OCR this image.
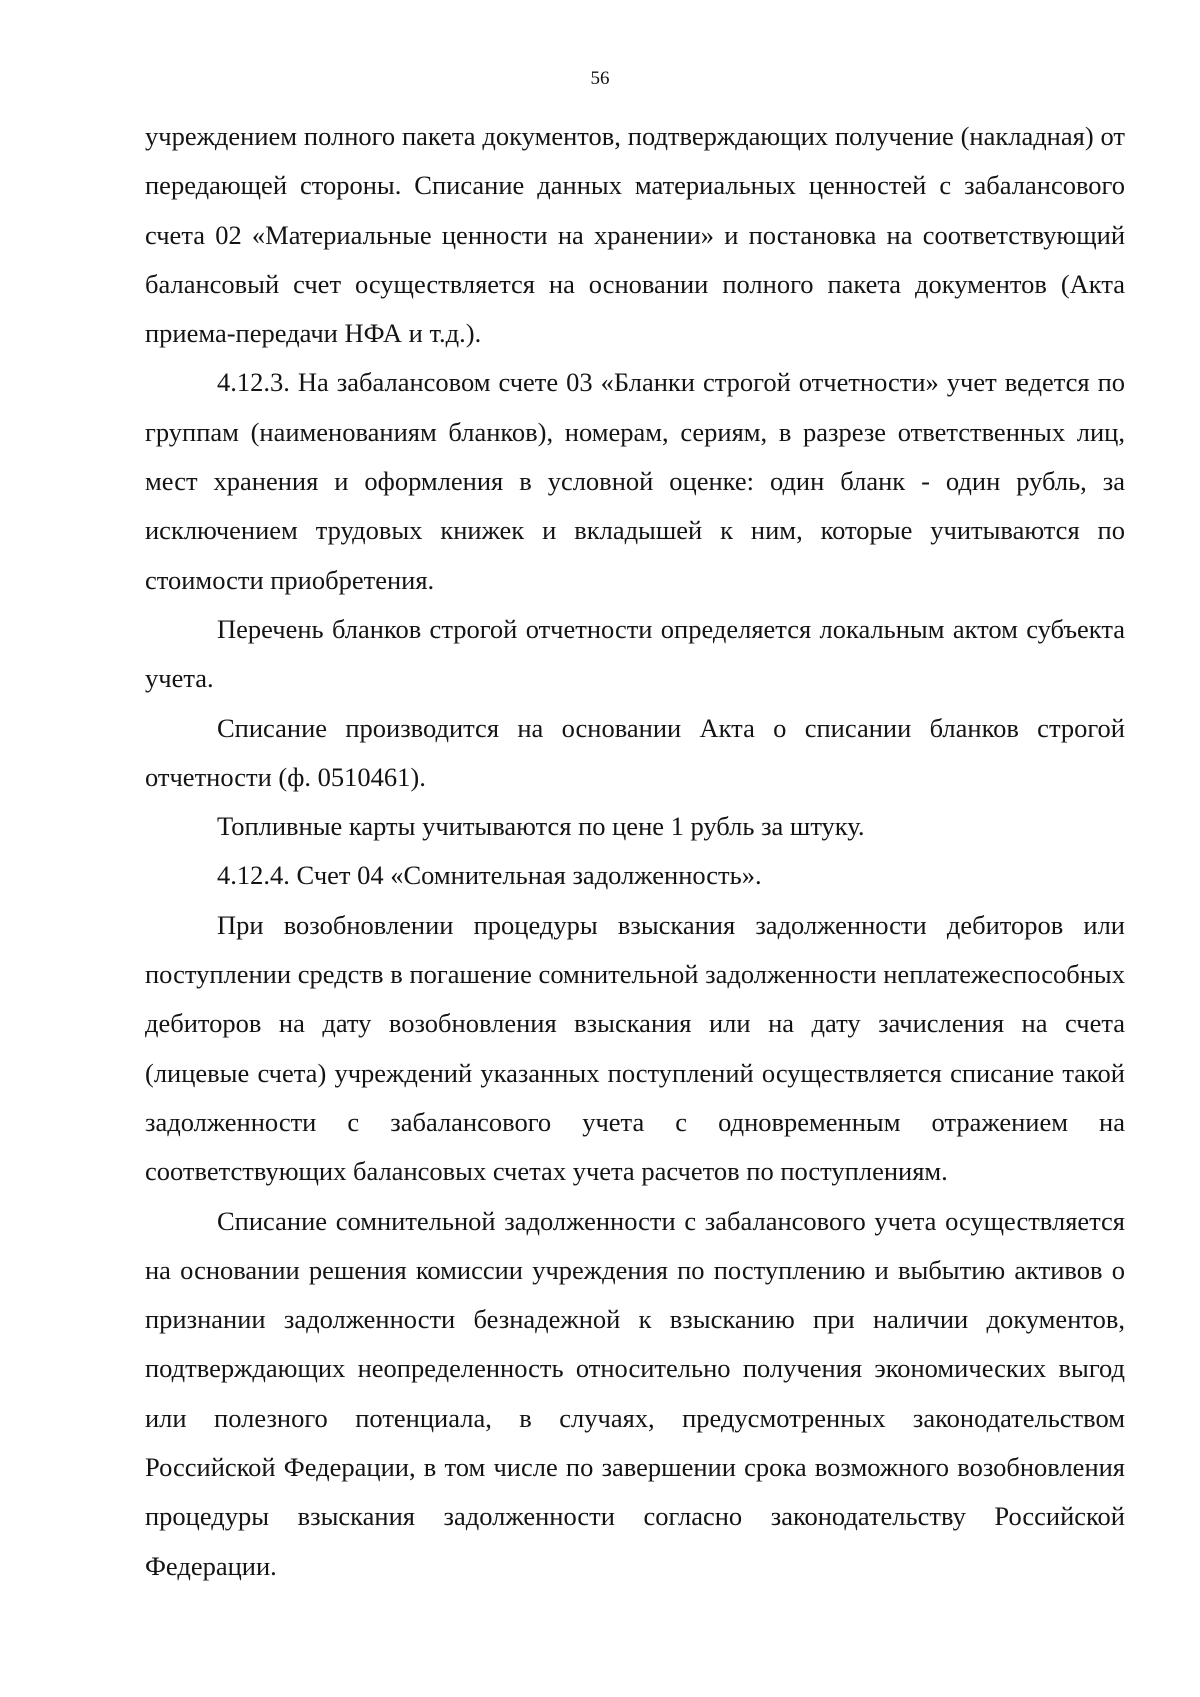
56

учреждением полного пакета документов, подтверждающих получение (накладная) от передающей стороны. Списание данных материальных ценностей с забалансового счета 02 «Материальные ценности на хранении» и постановка на соответствующий балансовый счет осуществляется на основании полного пакета документов (Акта приема-передачи НФА и т.д.).

4.12.3. На забалансовом счете 03 «Бланки строгой отчетности» учет ведется по группам (наименованиям бланков), номерам, сериям, в разрезе ответственных лиц, мест хранения и оформления в условной оценке: один бланк - один рубль, за исключением трудовых книжек и вкладышей к ним, которые учитываются по стоимости приобретения.

Перечень бланков строгой отчетности определяется локальным актом субъекта учета.

Списание производится на основании Акта о списании бланков строгой отчетности (ф. 0510461).

Топливные карты учитываются по цене 1 рубль за штуку.

4.12.4. Счет 04 «Сомнительная задолженность».

При возобновлении процедуры взыскания задолженности дебиторов или поступлении средств в погашение сомнительной задолженности неплатежеспособных дебиторов на дату возобновления взыскания или на дату зачисления на счета (лицевые счета) учреждений указанных поступлений осуществляется списание такой задолженности с забалансового учета с одновременным отражением на соответствующих балансовых счетах учета расчетов по поступлениям.

Списание сомнительной задолженности с забалансового учета осуществляется на основании решения комиссии учреждения по поступлению и выбытию активов о признании задолженности безнадежной к взысканию при наличии документов, подтверждающих неопределенность относительно получения экономических выгод или полезного потенциала, в случаях, предусмотренных законодательством Российской Федерации, в том числе по завершении срока возможного возобновления процедуры взыскания задолженности согласно законодательству Российской Федерации.
